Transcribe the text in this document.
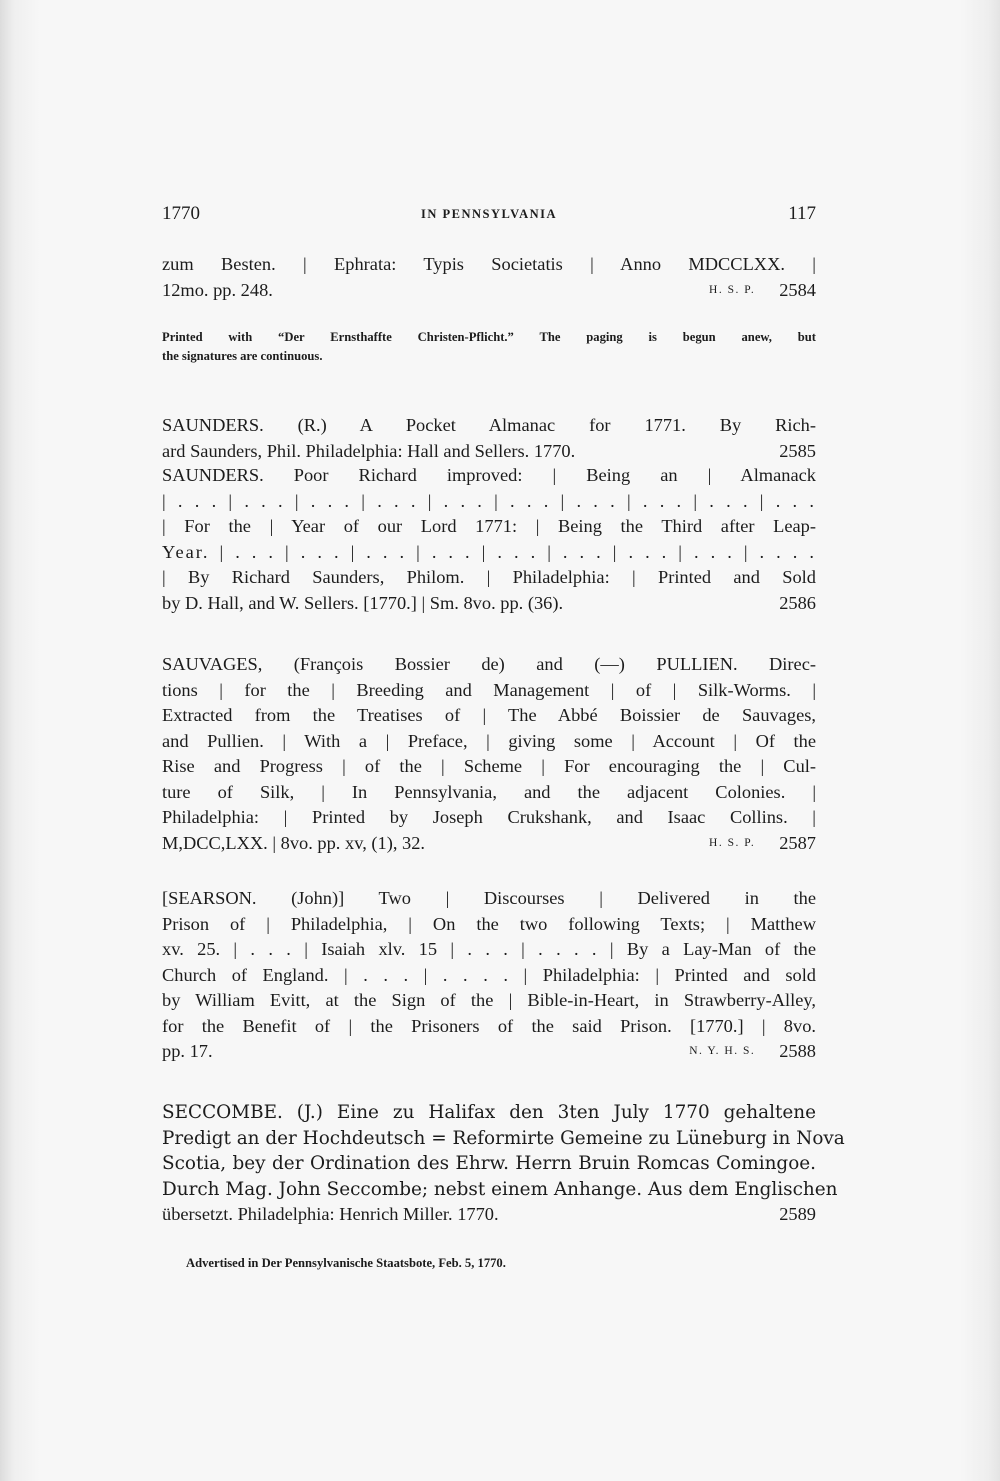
1770	IN PENNSYLVANIA	117

zum Besten. | Ephrata: Typis Societatis | Anno MDCCLXX. |

12mo. pp. 248.	2584
H. S. P.

Printed with “Der Ernsthaffte Christen-Pflicht.” The paging is begun anew, but

the signatures are continuous.

SAUNDERS. (R.) A Pocket Almanac for 1771. By Rich-

ard Saunders, Phil. Philadelphia: Hall and Sellers. 1770.	2585

SAUNDERS. Poor Richard improved: | Being an | Almanack

| . . . | . . . | . . . | . . . | . . . | . . . | . . . | . . . | . . . | . . .

| For the | Year of our Lord 1771: | Being the Third after Leap-

Year. | . . . | . . . | . . . | . . . | . . . | . . . | . . . | . . . | . . . .

| By Richard Saunders, Philom. | Philadelphia: | Printed and Sold

by D. Hall, and W. Sellers. [1770.] | Sm. 8vo. pp. (36).	2586

SAUVAGES, (François Bossier de) and (—) PULLIEN. Direc-

tions | for the | Breeding and Management | of | Silk-Worms. |

Extracted from the Treatises of | The Abbé Boissier de Sauvages,

and Pullien. | With a | Preface, | giving some | Account | Of the

Rise and Progress | of the | Scheme | For encouraging the | Cul-

ture of Silk, | In Pennsylvania, and the adjacent Colonies. |

Philadelphia: | Printed by Joseph Crukshank, and Isaac Collins. |

M,DCC,LXX. | 8vo. pp. xv, (1), 32.	2587
H. S. P.

[SEARSON. (John)] Two | Discourses | Delivered in the

Prison of | Philadelphia, | On the two following Texts; | Matthew

xv. 25. | . . . | Isaiah xlv. 15 | . . . | . . . . | By a Lay-Man of the

Church of England. | . . . | . . . . | Philadelphia: | Printed and sold

by William Evitt, at the Sign of the | Bible-in-Heart, in Strawberry-Alley,

for the Benefit of | the Prisoners of the said Prison. [1770.] | 8vo.

pp. 17.	2588
N. Y. H. S.

SECCOMBE. (J.) Eine zu Halifax den 3ten July 1770 gehaltene

Predigt an der Hochdeutsch = Reformirte Gemeine zu Lüneburg in Nova

Scotia, bey der Ordination des Ehrw. Herrn Bruin Romcas Comingoe.

Durch Mag. John Seccombe; nebst einem Anhange. Aus dem Englischen

übersetzt. Philadelphia: Henrich Miller. 1770.	2589

Advertised in Der Pennsylvanische Staatsbote, Feb. 5, 1770.
